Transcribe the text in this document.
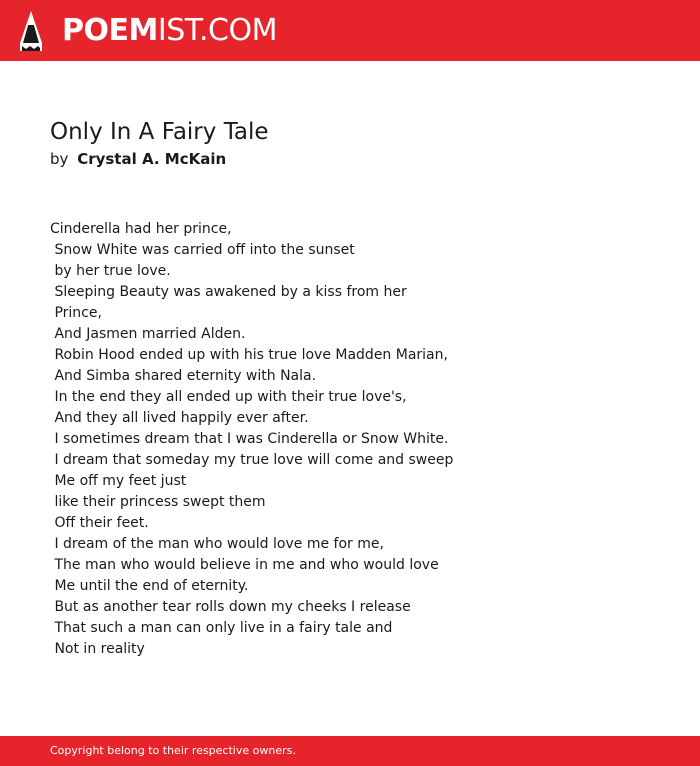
POEMIST.COM
Only In A Fairy Tale
by Crystal A. McKain
Cinderella had her prince,
Snow White was carried off into the sunset
by her true love.
Sleeping Beauty was awakened by a kiss from her
Prince,
And Jasmen married Alden.
Robin Hood ended up with his true love Madden Marian,
And Simba shared eternity with Nala.
In the end they all ended up with their true love's,
And they all lived happily ever after.
I sometimes dream that I was Cinderella or Snow White.
I dream that someday my true love will come and sweep
Me off my feet just
like their princess swept them
Off their feet.
I dream of the man who would love me for me,
The man who would believe in me and who would love
Me until the end of eternity.
But as another tear rolls down my cheeks I release
That such a man can only live in a fairy tale and
Not in reality
Copyright belong to their respective owners.
